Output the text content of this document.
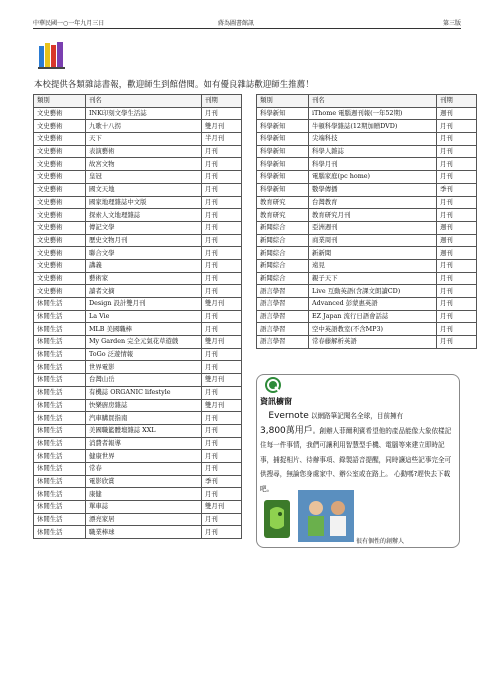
中華民國一○一年九月三日	蔣為圖書館訊	第三版
本校提供各類雜誌書報，歡迎師生到館借閱。如有優良雜誌歡迎師生推薦！
類別	刊名	刊期
文史藝術	INK印刻文學生活誌	月刊
文史藝術	九歌十八拐	雙月刊
文史藝術	天下	半月刊
文史藝術	表演藝術	月刊
文史藝術	故宮文物	月刊
文史藝術	皇冠	月刊
文史藝術	國文天地	月刊
文史藝術	國家地理雜誌中文版	月刊
文史藝術	探索人文地理雜誌	月刊
文史藝術	傳記文學	月刊
文史藝術	歷史文物月刊	月刊
文史藝術	聯合文學	月刊
文史藝術	講義	月刊
文史藝術	藝術家	月刊
文史藝術	讀者文摘	月刊
休閒生活	Design 設計雙月刊	雙月刊
休閒生活	La Vie	月刊
休閒生活	MLB 美國職棒	月刊
休閒生活	My Garden 完全元氣花草遊戲	雙月刊
休閒生活	ToGo 泛遊情報	月刊
休閒生活	世界電影	月刊
休閒生活	台灣山岳	雙月刊
休閒生活	有機誌 ORGANIC lifestyle	月刊
休閒生活	快樂廚房雜誌	雙月刊
休閒生活	汽車購買指南	月刊
休閒生活	美國職籃體壇雜誌 XXL	月刊
休閒生活	消費者報導	月刊
休閒生活	健康世界	月刊
休閒生活	常春	月刊
休閒生活	電影欣賞	季刊
休閒生活	康健	月刊
休閒生活	單車誌	雙月刊
休閒生活	漂亮家居	月刊
休閒生活	職業棒球	月刊
類別	刊名	刊期
科學新知	iThome 電腦週刊報(一年52期)	週刊
科學新知	牛頓科學雜誌(12期加贈DVD)	月刊
科學新知	尖端科技	月刊
科學新知	科學人雜誌	月刊
科學新知	科學月刊	月刊
科學新知	電腦家庭(pc home)	月刊
科學新知	數學傳播	季刊
教育研究	台灣教育	月刊
教育研究	教育研究月刊	月刊
新聞綜合	亞洲週刊	週刊
新聞綜合	商業周刊	週刊
新聞綜合	新新聞	週刊
新聞綜合	遠見	月刊
新聞綜合	親子天下	月刊
語言學習	Live 互動英語(含課文朗讀CD)	月刊
語言學習	Advanced 彭蒙惠英語	月刊
語言學習	EZ Japan 流行日語會話誌	月刊
語言學習	空中英語教室(不含MP3)	月刊
語言學習	常春藤解析英語	月刊
資訊櫥窗
Evernote 以網路筆記聞名全球，目前擁有
3,800萬用戶。創辦人菲爾利賓希望他的產品能像大象依樣記住每一件事情，我們可讓利用智慧型手機、電腦等來建立即時記事，捕捉相片、待辦事項、錄製語音提醒，同時讓這些記事完全可供搜尋，無論您身處家中、辦公室或在路上。 心動嗎?趕快去下載吧。
很有個性的創辦人
